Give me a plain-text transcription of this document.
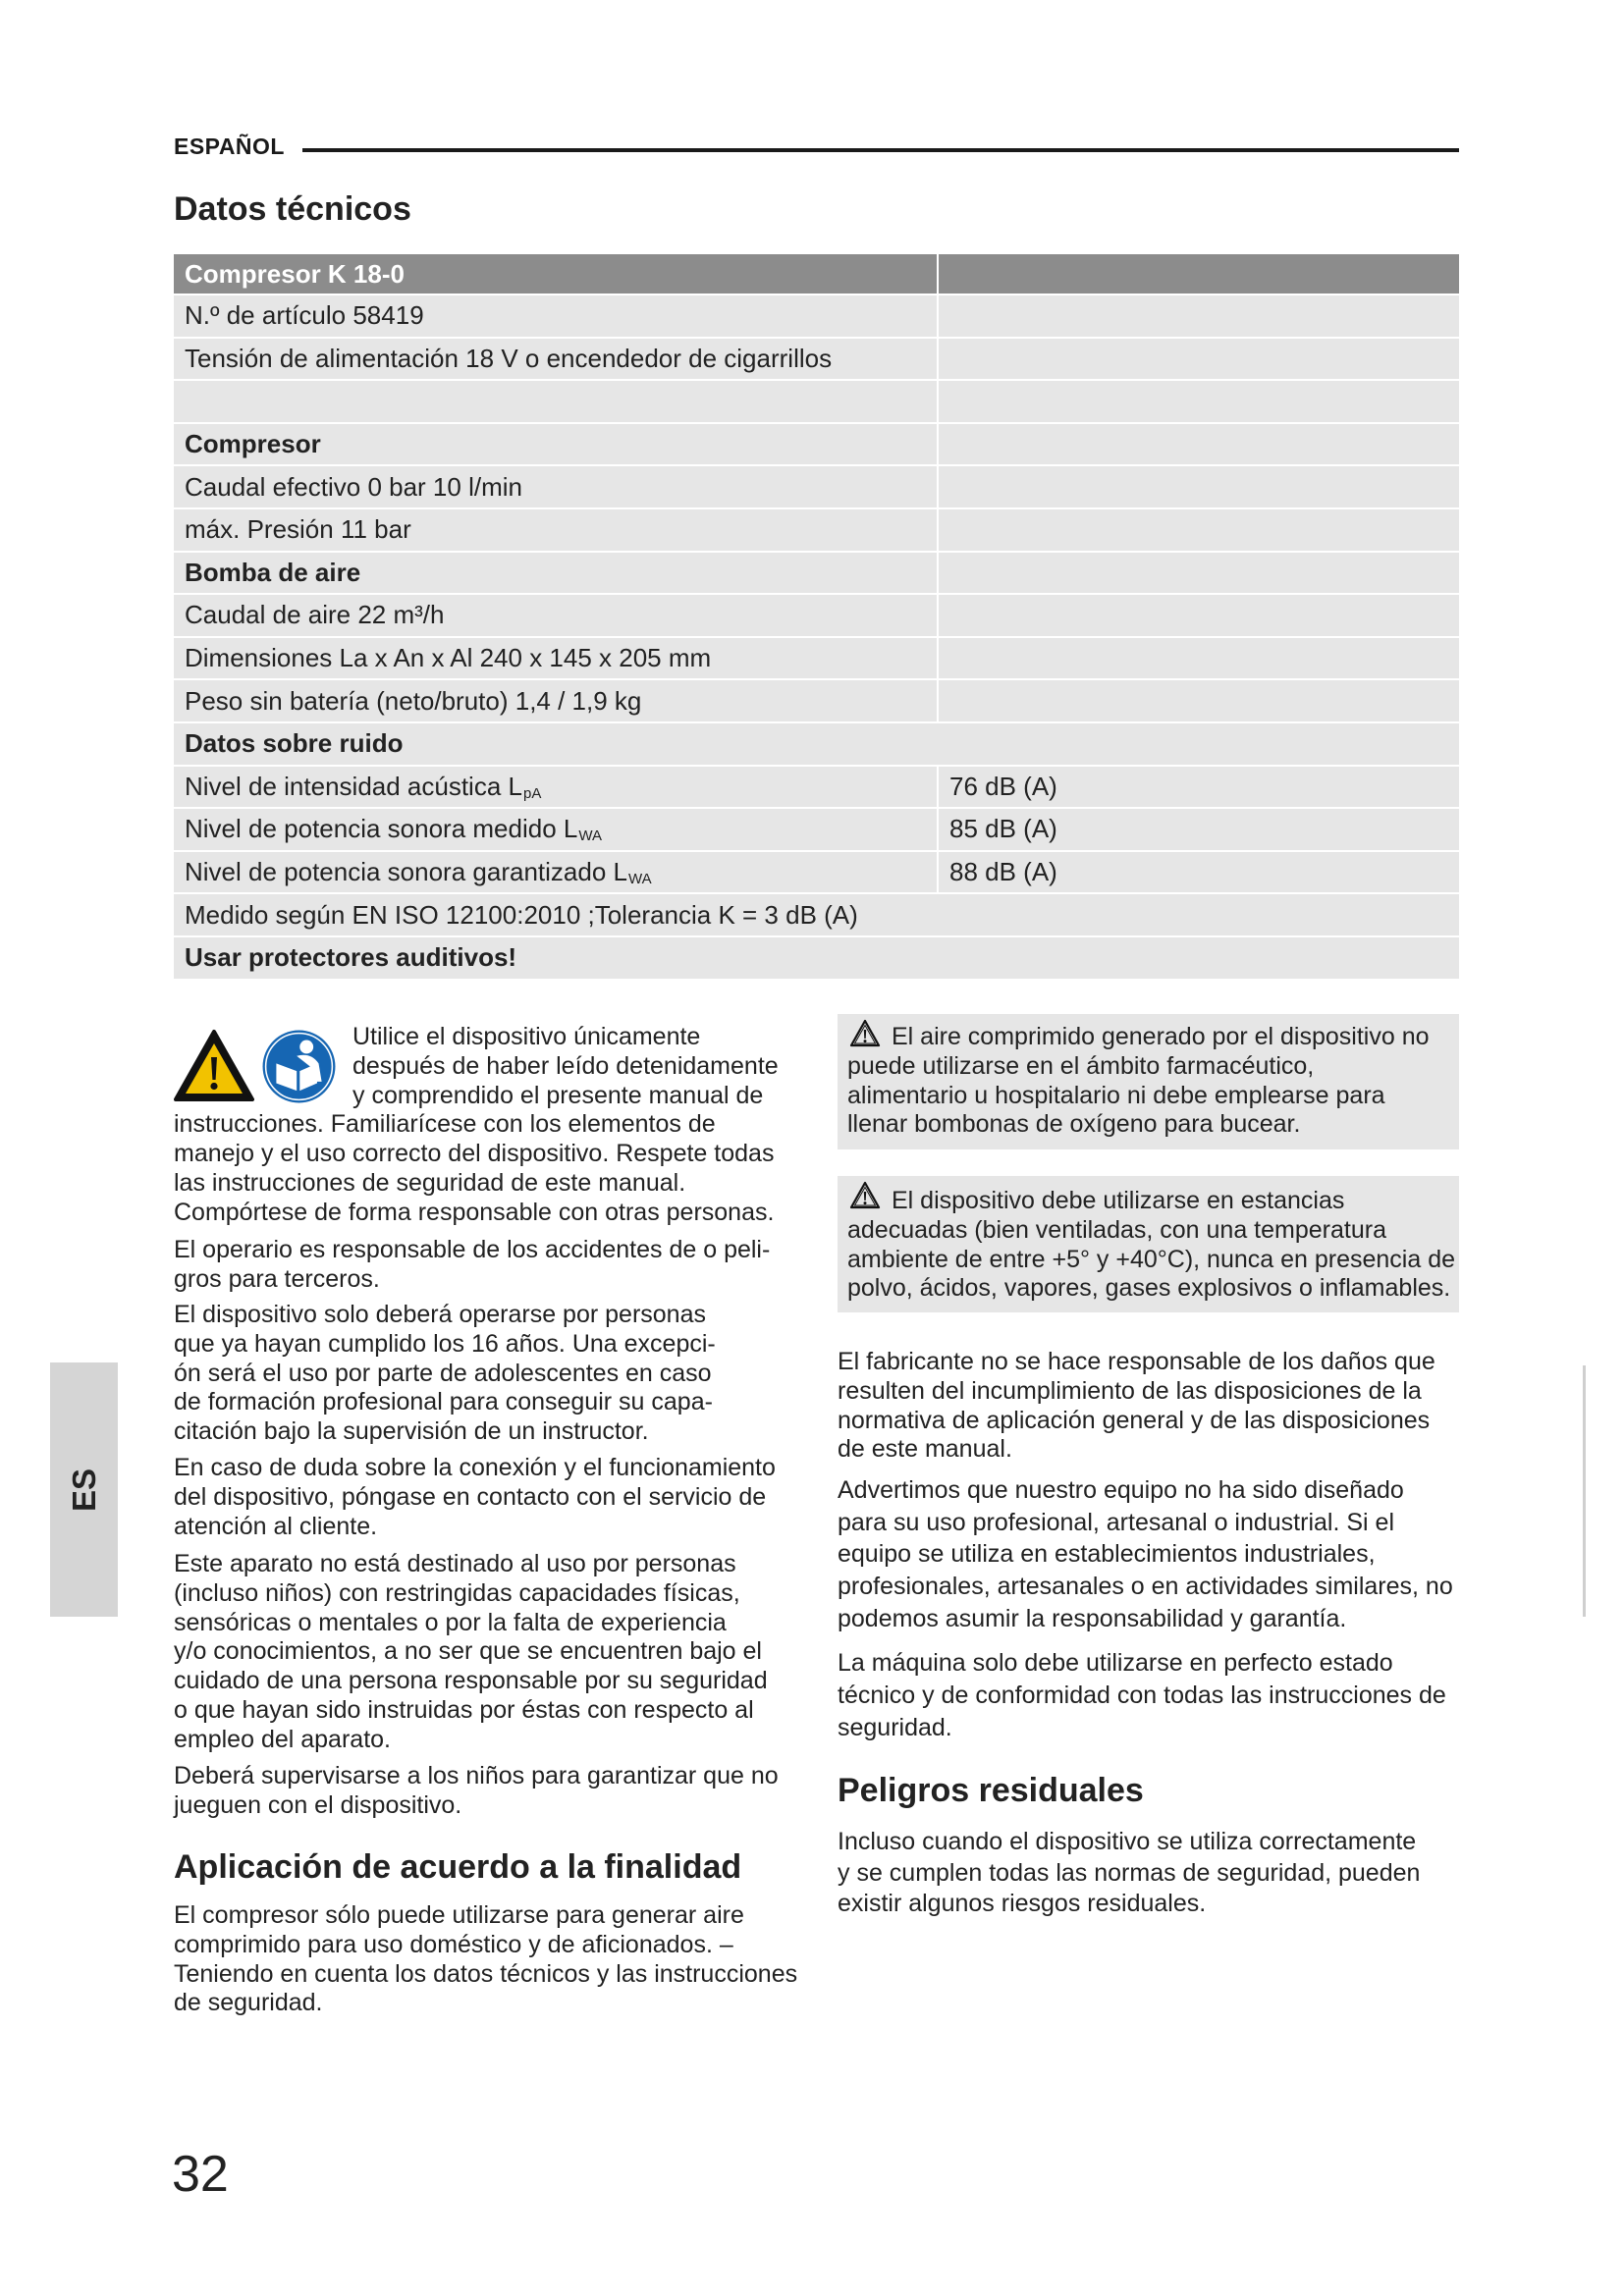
ESPAÑOL
Datos técnicos
Compresor K 18-0
N.º de artículo 58419
Tensión de alimentación 18 V o encendedor de cigarrillos
Compresor
Caudal efectivo 0 bar 10 l/min
máx. Presión 11 bar
Bomba de aire
Caudal de aire 22 m³/h
Dimensiones La x An x Al 240 x 145 x 205 mm
Peso sin batería (neto/bruto) 1,4 / 1,9 kg
Datos sobre ruido
Nivel de intensidad acústica L pA	76 dB (A)
Nivel de potencia sonora medido L WA	85 dB (A)
Nivel de potencia sonora garantizado L WA	88 dB (A)
Medido según EN ISO 12100:2010 ;Tolerancia K = 3 dB (A)
Usar protectores auditivos!
Utilice el dispositivo únicamente
después de haber leído detenidamente
y comprendido el presente manual de
instrucciones. Familiarícese con los elementos de
manejo y el uso correcto del dispositivo. Respete todas
las instrucciones de seguridad de este manual.
Compórtese de forma responsable con otras personas.
El operario es responsable de los accidentes de o peli-
gros para terceros.
El dispositivo solo deberá operarse por personas
que ya hayan cumplido los 16 años. Una excepci-
ón será el uso por parte de adolescentes en caso
de formación profesional para conseguir su capa-
citación bajo la supervisión de un instructor.
En caso de duda sobre la conexión y el funcionamiento
del dispositivo, póngase en contacto con el servicio de
atención al cliente.
Este aparato no está destinado al uso por personas
(incluso niños) con restringidas capacidades físicas,
sensóricas o mentales o por la falta de experiencia
y/o conocimientos, a no ser que se encuentren bajo el
cuidado de una persona responsable por su seguridad
o que hayan sido instruidas por éstas con respecto al
empleo del aparato.
Deberá supervisarse a los niños para garantizar que no
jueguen con el dispositivo.
Aplicación de acuerdo a la finalidad
El compresor sólo puede utilizarse para generar aire
comprimido para uso doméstico y de aficionados. –
Teniendo en cuenta los datos técnicos y las instrucciones
de seguridad.
El aire comprimido generado por el dispositivo no
puede utilizarse en el ámbito farmacéutico,
alimentario u hospitalario ni debe emplearse para
llenar bombonas de oxígeno para bucear.
El dispositivo debe utilizarse en estancias
adecuadas (bien ventiladas, con una temperatura
ambiente de entre +5° y +40°C), nunca en presencia de
polvo, ácidos, vapores, gases explosivos o inflamables.
El fabricante no se hace responsable de los daños que
resulten del incumplimiento de las disposiciones de la
normativa de aplicación general y de las disposiciones
de este manual.
Advertimos que nuestro equipo no ha sido diseñado
para su uso profesional, artesanal o industrial. Si el
equipo se utiliza en establecimientos industriales,
profesionales, artesanales o en actividades similares, no
podemos asumir la responsabilidad y garantía.
La máquina solo debe utilizarse en perfecto estado
técnico y de conformidad con todas las instrucciones de
seguridad.
Peligros residuales
Incluso cuando el dispositivo se utiliza correctamente
y se cumplen todas las normas de seguridad, pueden
existir algunos riesgos residuales.
ES
32
